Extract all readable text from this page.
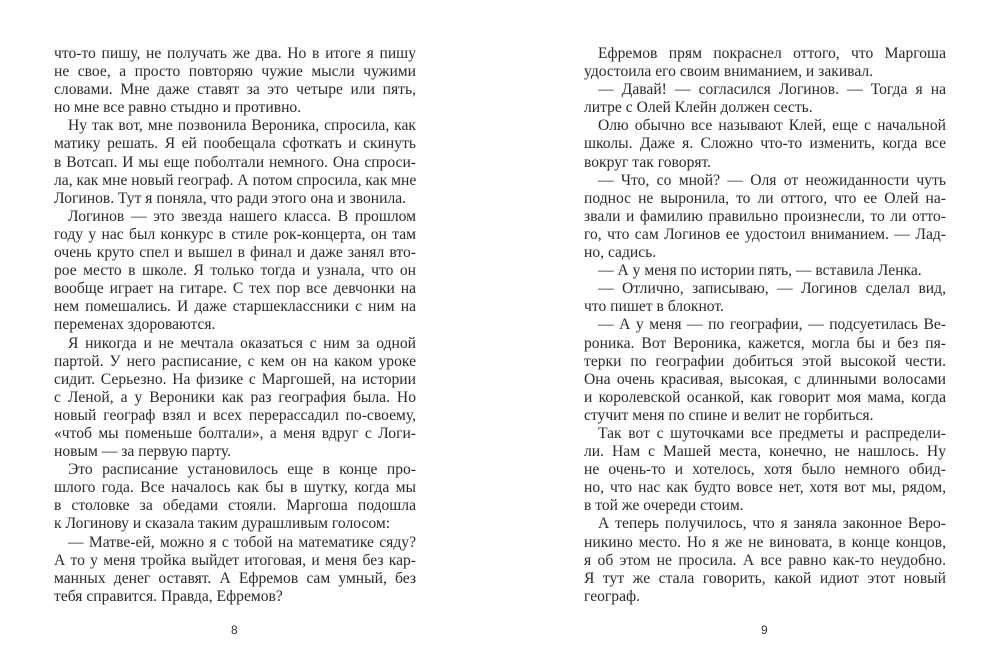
что-то пишу, не получать же два. Но в итоге я пишу
не свое, а просто повторяю чужие мысли чужими
словами. Мне даже ставят за это четыре или пять,
но мне все равно стыдно и противно.
Ну так вот, мне позвонила Вероника, спросила, как
матику решать. Я ей пообещала сфоткать и скинуть
в Вотсап. И мы еще поболтали немного. Она спроси-
ла, как мне новый географ. А потом спросила, как мне
Логинов. Тут я поняла, что ради этого она и звонила.
Логинов — это звезда нашего класса. В прошлом
году у нас был конкурс в стиле рок-концерта, он там
очень круто спел и вышел в финал и даже занял вто-
рое место в школе. Я только тогда и узнала, что он
вообще играет на гитаре. С тех пор все девчонки на
нем помешались. И даже старшеклассники с ним на
переменах здороваются.
Я никогда и не мечтала оказаться с ним за одной
партой. У него расписание, с кем он на каком уроке
сидит. Серьезно. На физике с Маргошей, на истории
с Леной, а у Вероники как раз география была. Но
новый географ взял и всех перерассадил по-своему,
«чтоб мы поменьше болтали», а меня вдруг с Логи-
новым — за первую парту.
Это расписание установилось еще в конце про-
шлого года. Все началось как бы в шутку, когда мы
в столовке за обедами стояли. Маргоша подошла
к Логинову и сказала таким дурашливым голосом:
— Матве-ей, можно я с тобой на математике сяду?
А то у меня тройка выйдет итоговая, и меня без кар-
манных денег оставят. А Ефремов сам умный, без
тебя справится. Правда, Ефремов?
Ефремов прям покраснел оттого, что Маргоша
удостоила его своим вниманием, и закивал.
— Давай! — согласился Логинов. — Тогда я на
литре с Олей Клейн должен сесть.
Олю обычно все называют Клей, еще с начальной
школы. Даже я. Сложно что-то изменить, когда все
вокруг так говорят.
— Что, со мной? — Оля от неожиданности чуть
поднос не выронила, то ли оттого, что ее Олей на-
звали и фамилию правильно произнесли, то ли отто-
го, что сам Логинов ее удостоил вниманием. — Лад-
но, садись.
— А у меня по истории пять, — вставила Ленка.
— Отлично, записываю, — Логинов сделал вид,
что пишет в блокнот.
— А у меня — по географии, — подсуетилась Ве-
роника. Вот Вероника, кажется, могла бы и без пя-
терки по географии добиться этой высокой чести.
Она очень красивая, высокая, с длинными волосами
и королевской осанкой, как говорит моя мама, когда
стучит меня по спине и велит не горбиться.
Так вот с шуточками все предметы и распредели-
ли. Нам с Машей места, конечно, не нашлось. Ну
не очень-то и хотелось, хотя было немного обид-
но, что нас как будто вовсе нет, хотя вот мы, рядом,
в той же очереди стоим.
А теперь получилось, что я заняла законное Веро-
никино место. Но я же не виновата, в конце концов,
я об этом не просила. А все равно как-то неудобно.
Я тут же стала говорить, какой идиот этот новый
географ.
8	9
